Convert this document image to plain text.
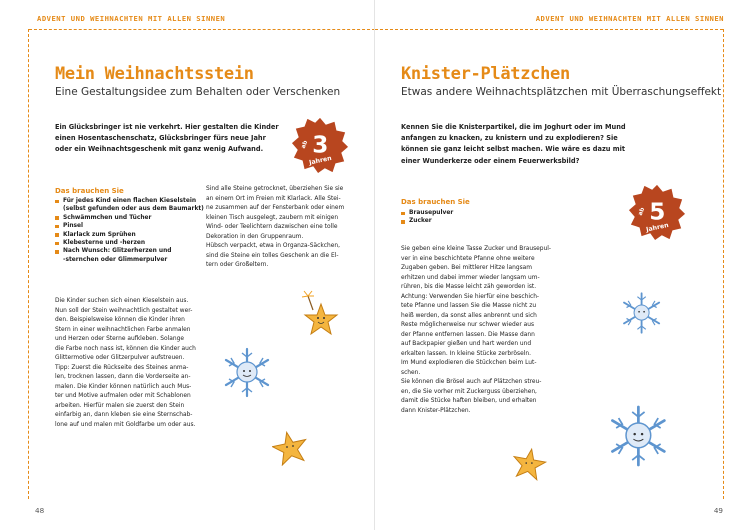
ADVENT UND WEIHNACHTEN MIT ALLEN SINNEN
Mein Weihnachtsstein
Eine Gestaltungsidee zum Behalten oder Verschenken
Ein Glücksbringer ist nie verkehrt. Hier gestalten die Kinder
einen Hosentaschenschatz, Glücksbringer fürs neue Jahr
oder ein Weihnachtsgeschenk mit ganz wenig Aufwand.	ab 3
Jahren
Das brauchen Sie
Für jedes Kind einen flachen Kieselstein
(selbst gefunden oder aus dem Baumarkt)
Schwämmchen und Tücher
Pinsel
Klarlack zum Sprühen
Klebesterne und -herzen
Nach Wunsch: Glitzerherzen und
-sternchen oder Glimmerpulver
Sind alle Steine getrocknet, überziehen Sie sie
an einem Ort im Freien mit Klarlack. Alle Stei-
ne zusammen auf der Fensterbank oder einem
kleinen Tisch ausgelegt, zaubern mit einigen
Wind- oder Teelichtern dazwischen eine tolle
Dekoration in den Gruppenraum.
Hübsch verpackt, etwa in Organza-Säckchen,
sind die Steine ein tolles Geschenk an die El-
tern oder Großeltern.
Die Kinder suchen sich einen Kieselstein aus.
Nun soll der Stein weihnachtlich gestaltet wer-
den. Beispielsweise können die Kinder ihren
Stern in einer weihnachtlichen Farbe anmalen
und Herzen oder Sterne aufkleben. Solange
die Farbe noch nass ist, können die Kinder auch
Glittermotive oder Glitzerpulver aufstreuen.
Tipp: Zuerst die Rückseite des Steines anma-
len, trocknen lassen, dann die Vorderseite an-
malen. Die Kinder können natürlich auch Mus-
ter und Motive aufmalen oder mit Schablonen
arbeiten. Hierfür malen sie zuerst den Stein
einfarbig an, dann kleben sie eine Sternschab-
lone auf und malen mit Goldfarbe um oder aus.
48
ADVENT UND WEIHNACHTEN MIT ALLEN SINNEN
Knister-Plätzchen
Etwas andere Weihnachtsplätzchen mit Überraschungseffekt
Kennen Sie die Knisterpartikel, die im Joghurt oder im Mund
anfangen zu knacken, zu knistern und zu explodieren? Sie
können sie ganz leicht selbst machen. Wie wäre es dazu mit
einer Wunderkerze oder einem Feuerwerksbild?
ab 5
Jahren
Das brauchen Sie
Brausepulver
Zucker
Sie geben eine kleine Tasse Zucker und Brausepul-
ver in eine beschichtete Pfanne ohne weitere
Zugaben geben. Bei mittlerer Hitze langsam
erhitzen und dabei immer wieder langsam um-
rühren, bis die Masse leicht zäh geworden ist.
Achtung: Verwenden Sie hierfür eine beschich-
tete Pfanne und lassen Sie die Masse nicht zu
heiß werden, da sonst alles anbrennt und sich
Reste möglicherweise nur schwer wieder aus
der Pfanne entfernen lassen. Die Masse dann
auf Backpapier gießen und hart werden und
erkalten lassen. In kleine Stücke zerbröseln.
Im Mund explodieren die Stückchen beim Lut-
schen.
Sie können die Brösel auch auf Plätzchen streu-
en, die Sie vorher mit Zuckerguss überziehen,
damit die Stücke haften bleiben, und erhalten
dann Knister-Plätzchen.
49
